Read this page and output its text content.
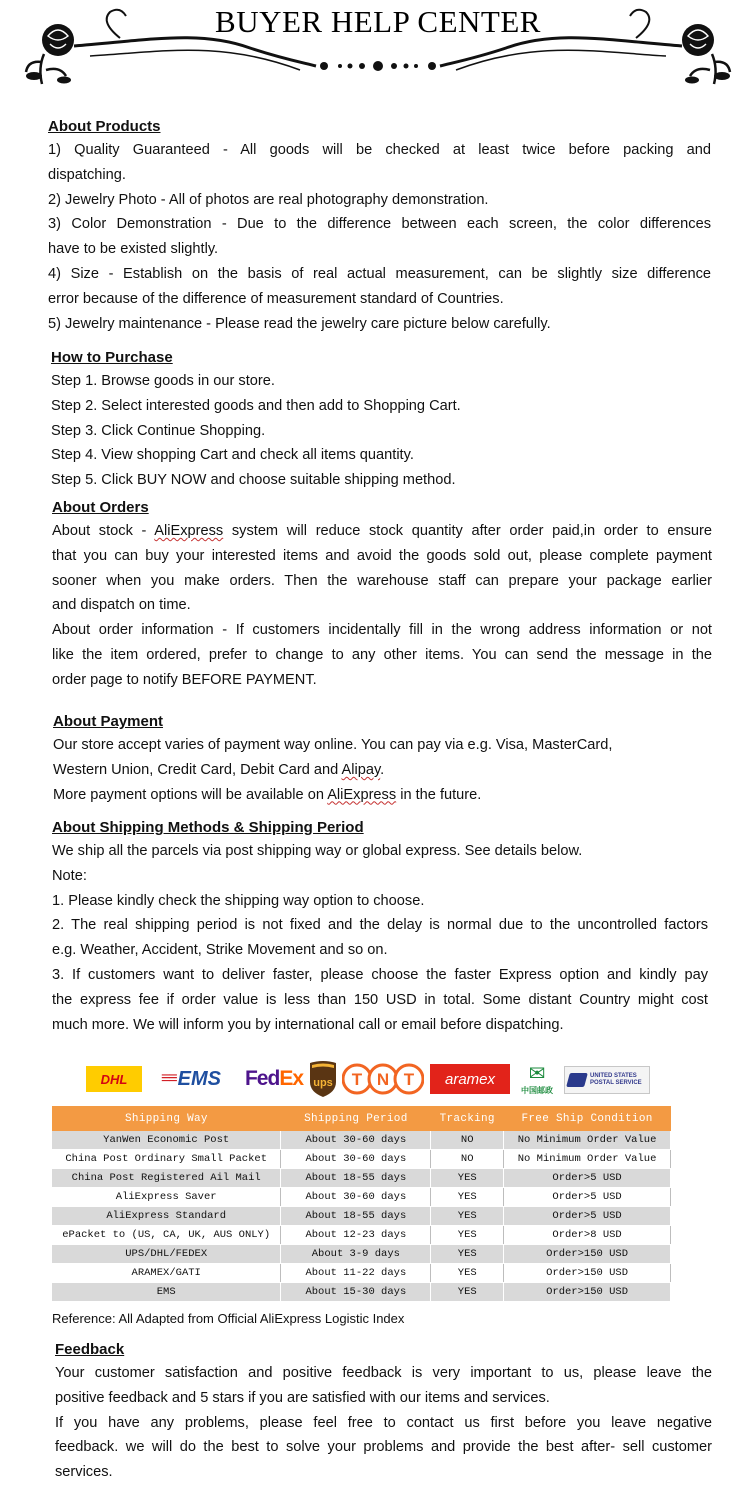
BUYER HELP CENTER
About Products
1) Quality Guaranteed - All goods will be checked at least twice before packing and
dispatching.
2) Jewelry Photo - All of photos are real photography demonstration.
3) Color Demonstration - Due to the difference between each screen, the color differences
have to be existed slightly.
4) Size - Establish on the basis of real actual measurement, can be slightly size difference
error because of the difference of measurement standard of Countries.
5) Jewelry maintenance - Please read the jewelry care picture below carefully.
How to Purchase
Step 1. Browse goods in our store.
Step 2. Select interested goods and then add to Shopping Cart.
Step 3. Click Continue Shopping.
Step 4. View shopping Cart and check all items quantity.
Step 5. Click BUY NOW and choose suitable shipping method.
About Orders
About stock - AliExpress system will reduce stock quantity after order paid,in order to ensure
that you can buy your interested items and avoid the goods sold out, please complete payment
sooner when you make orders. Then the warehouse staff can prepare your package earlier
and dispatch on time.
About order information - If customers incidentally fill in the wrong address information or not
like the item ordered, prefer to change to any other items. You can send the message in the
order page to notify BEFORE PAYMENT.
About Payment
Our store accept varies of payment way online. You can pay via e.g. Visa, MasterCard,
Western Union, Credit Card, Debit Card and Alipay.
More payment options will be available on AliExpress in the future.
About Shipping Methods & Shipping Period
We ship all the parcels via post shipping way or global express. See details below.
Note:
1. Please kindly check the shipping way option to choose.
2. The real shipping period is not fixed and the delay is normal due to the uncontrolled factors
e.g. Weather, Accident, Strike Movement and so on.
3. If customers want to deliver faster, please choose the faster Express option and kindly pay
the express fee if order value is less than 150 USD in total. Some distant Country might cost
much more. We will inform you by international call or email before dispatching.
DHL ≡≡ EMS Fed Ex ups T N T aramex ✉
中国邮政
UNITED STATES POSTAL SERVICE
Shipping Way	Shipping Period	Tracking	Free Ship Condition
YanWen Economic Post	About 30-60 days	NO	No Minimum Order Value
China Post Ordinary Small Packet	About 30-60 days	NO	No Minimum Order Value
China Post Registered Ail Mail	About 18-55 days	YES	Order>5 USD
AliExpress Saver	About 30-60 days	YES	Order>5 USD
AliExpress Standard	About 18-55 days	YES	Order>5 USD
ePacket to (US, CA, UK, AUS ONLY)	About 12-23 days	YES	Order>8 USD
UPS/DHL/FEDEX	About 3-9 days	YES	Order>150 USD
ARAMEX/GATI	About 11-22 days	YES	Order>150 USD
EMS	About 15-30 days	YES	Order>150 USD
Reference: All Adapted from Official AliExpress Logistic Index
Feedback
Your customer satisfaction and positive feedback is very important to us, please leave the
positive feedback and 5 stars if you are satisfied with our items and services.
If you have any problems, please feel free to contact us first before you leave negative
feedback. we will do the best to solve your problems and provide the best after- sell customer
services.
